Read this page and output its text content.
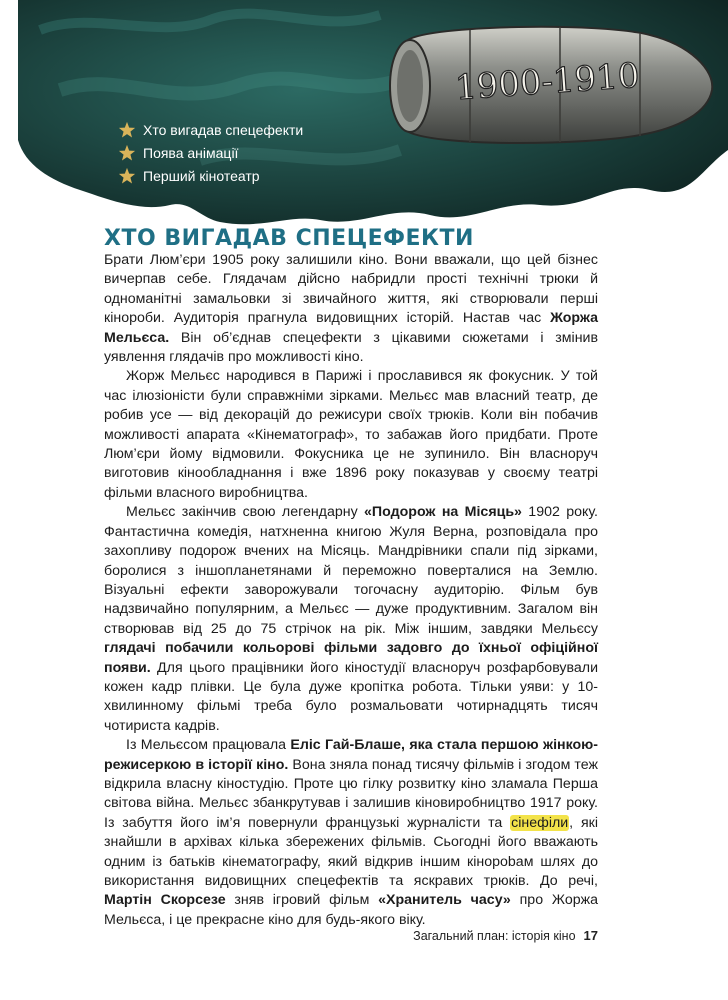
1900-1910
Хто вигадав спецефекти
Поява анімації
Перший кінотеатр
ХТО ВИГАДАВ СПЕЦЕФЕКТИ

Брати Люм’єри 1905 року залишили кіно. Вони вважали, що цей бізнес вичерпав себе. Глядачам дійсно набридли прості технічні трюки й одноманітні замальовки зі звичайного життя, які створювали перші кінороби. Аудиторія прагнула видовищних історій. Настав час Жоржа Мельєса. Він об’єднав спецефекти з цікавими сюжетами і змінив уявлення глядачів про можливості кіно.

Жорж Мельєс народився в Парижі і прославився як фокусник. У той час ілюзіоністи були справжніми зірками. Мельєс мав власний театр, де робив усе — від декорацій до режисури своїх трюків. Коли він побачив можливості апарата «Кінематограф», то забажав його придбати. Проте Люм’єри йому відмовили. Фокусника це не зупинило. Він власноруч виготовив кінообладнання і вже 1896 року показував у своєму театрі фільми власного виробництва.

Мельєс закінчив свою легендарну «Подорож на Місяць» 1902 року. Фантастична комедія, натхненна книгою Жуля Верна, розповідала про захопливу подорож вчених на Місяць. Мандрівники спали під зірками, боролися з іншопланетянами й переможно поверталися на Землю. Візуальні ефекти заворожували тогочасну аудиторію. Фільм був надзвичайно популярним, а Мельєс — дуже продуктивним. Загалом він створював від 25 до 75 стрічок на рік. Між іншим, завдяки Мельєсу глядачі побачили кольорові фільми задовго до їхньої офіційної появи. Для цього працівники його кіностудії власноруч розфарбовували кожен кадр плівки. Це була дуже кропітка робота. Тільки уяви: у 10-хвилинному фільмі треба було розмальовати чотирнадцять тисяч чотириста кадрів.

Із Мельєсом працювала Еліс Гай-Блаше, яка стала першою жінкою-режисеркою в історії кіно. Вона зняла понад тисячу фільмів і згодом теж відкрила власну кіностудію. Проте цю гілку розвитку кіно зламала Перша світова війна. Мельєс збанкрутував і залишив кіновиробництво 1917 року. Із забуття його ім’я повернули французькі журналісти та сінефіли, які знайшли в архівах кілька збережених фільмів. Сьогодні його вважають одним із батьків кінематографу, який відкрив іншим кінорobам шлях до використання видовищних спецефектів та яскравих трюків. До речі, Мартін Скорсезе зняв ігровий фільм «Хранитель часу» про Жоржа Мельєса, і це прекрасне кіно для будь-якого віку.

Загальний план: історія кіно 17
